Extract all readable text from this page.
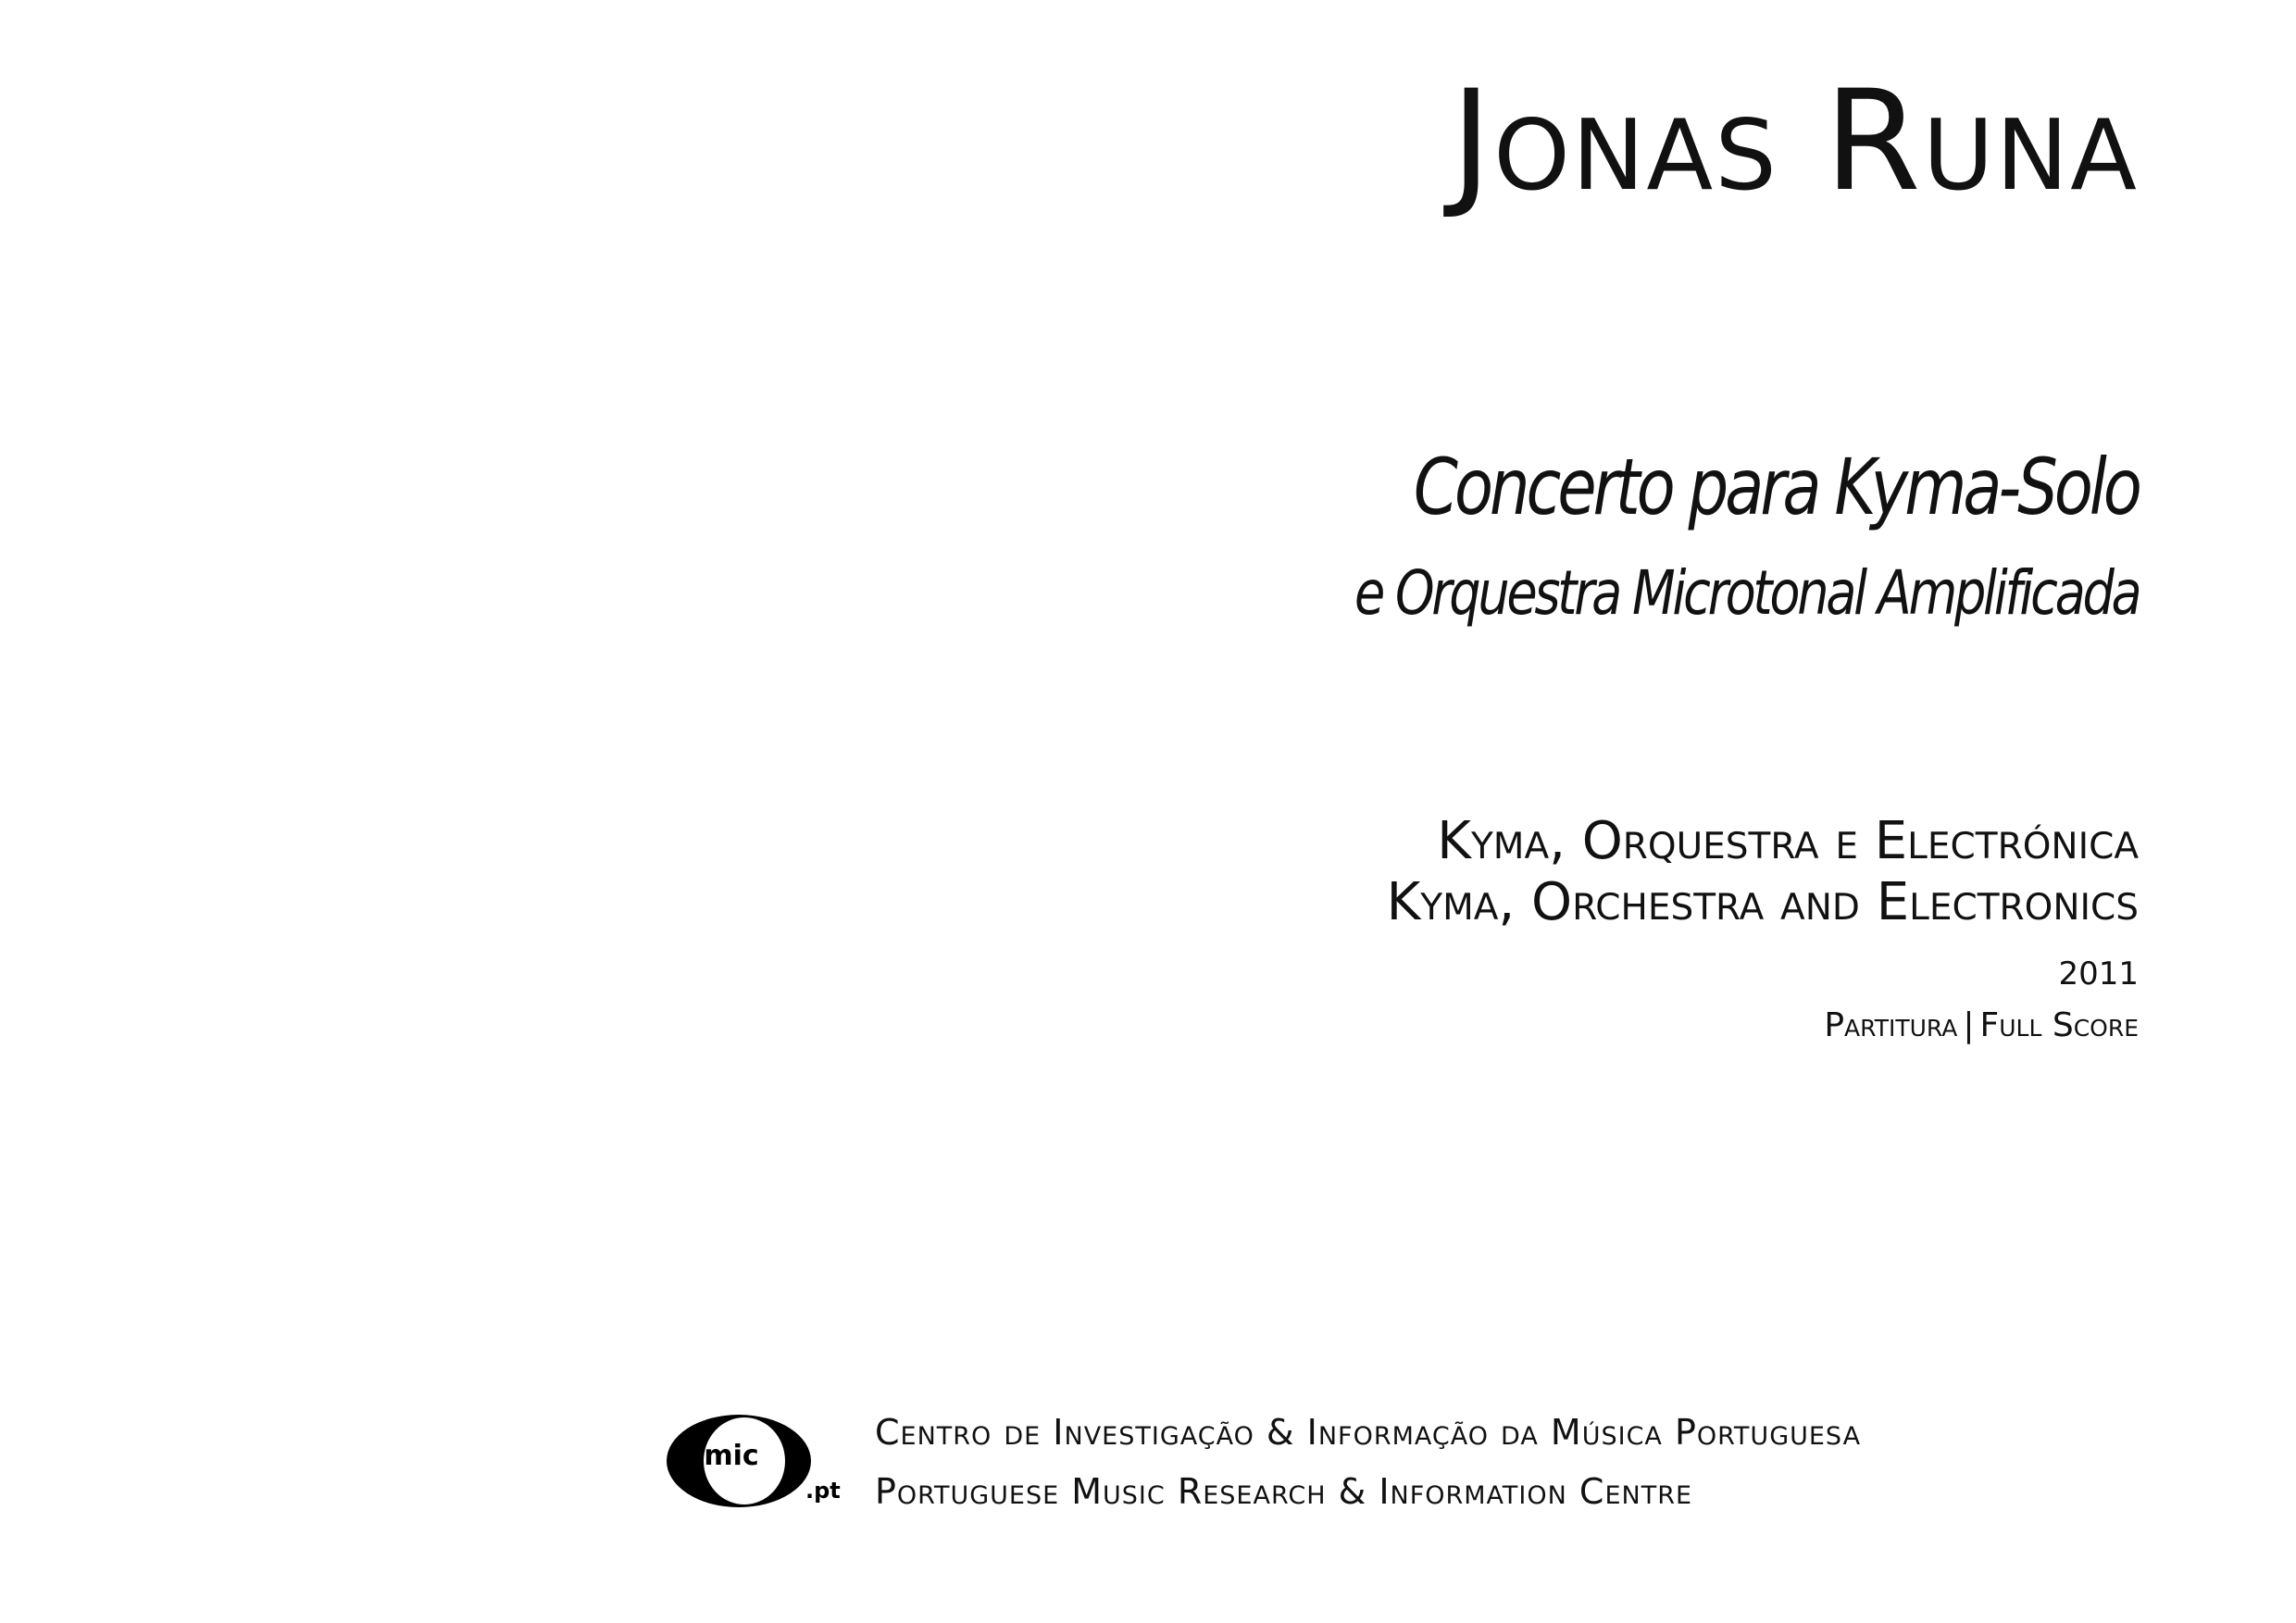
Jonas Runa
Concerto para Kyma-Solo
e Orquestra Microtonal Amplificada
Kyma, Orquestra e Electrónica
Kyma, Orchestra and Electronics
2011
Partitura | Full Score
mic
.pt
Centro de Investigação & Informação da Música Portuguesa
Portuguese Music Research & Information Centre
